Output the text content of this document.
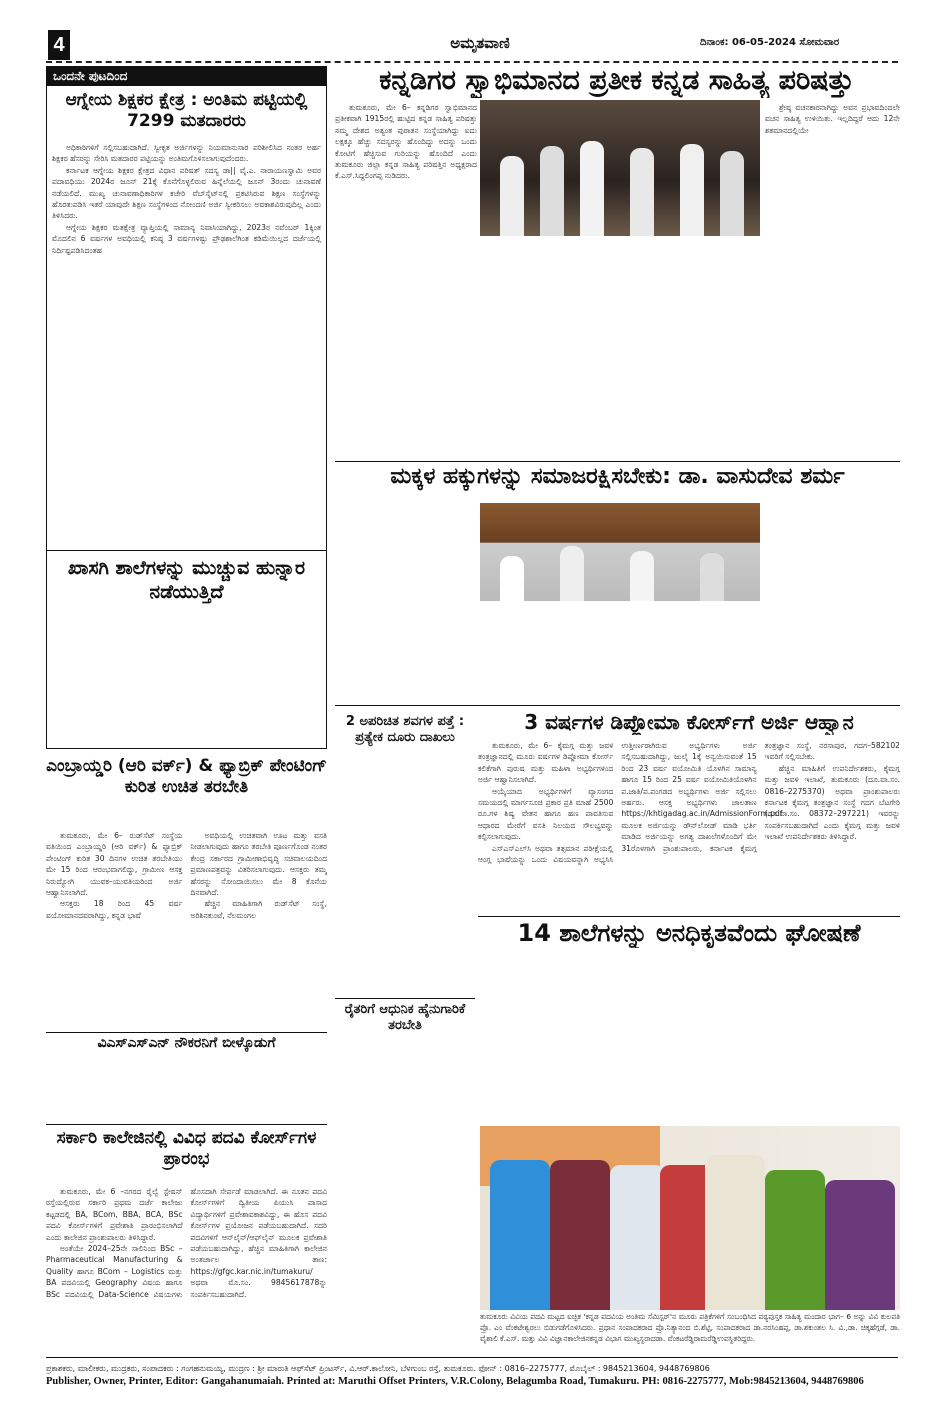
4	ಅಮೃತವಾಣಿ	ದಿನಾಂಕ: 06-05-2024 ಸೋಮವಾರ
ಒಂದನೇ ಪುಟದಿಂದ
ಆಗ್ನೇಯ ಶಿಕ್ಷಕರ ಕ್ಷೇತ್ರ : ಅಂತಿಮ ಪಟ್ಟಿಯಲ್ಲಿ 7299 ಮತದಾರರು

ಅಧಿಕಾರಿಗಳಿಗೆ ಸಲ್ಲಿಸಬಹುದಾಗಿದೆ. ಸ್ವೀಕೃತ ಅರ್ಜಿಗಳನ್ನು ನಿಯಮಾನುಸಾರ ಪರಿಶೀಲಿಸಿದ ನಂತರ ಅರ್ಹ ಶಿಕ್ಷಕರ ಹೆಸರನ್ನು ಸೇರಿಸಿ ಮತದಾರರ ಪಟ್ಟಿಯನ್ನು ಅಂತಿಮಗೊಳಿಸಲಾಗುವುದೆಂದರು.

ಕರ್ನಾಟಕ ಆಗ್ನೇಯ ಶಿಕ್ಷಕರ ಕ್ಷೇತ್ರದ ವಿಧಾನ ಪರಿಷತ್ ಸದಸ್ಯ ಡಾ|| ವೈ.ಎ. ನಾರಾಯಣಸ್ವಾಮಿ ಅವರ ಪದಾವಧಿಯು 2024ರ ಜೂನ್ 21ಕ್ಕೆ ಕೊನೆಗೊಳ್ಳಲಿರುವ ಹಿನ್ನೆಲೆಯಲ್ಲಿ ಜೂನ್ 3ರಂದು ಚುನಾವಣೆ ನಡೆಯಲಿದೆ. ಮುಖ್ಯ ಚುನಾವಣಾಧಿಕಾರಿಗಳ ಕಚೇರಿ ವೆಬ್‌ಸೈಟ್‌ನಲ್ಲಿ ಪ್ರಕಟಿಸಿರುವ ಶಿಕ್ಷಣ ಸಂಸ್ಥೆಗಳನ್ನು ಹೊರತುಪಡಿಸಿ ಇತರೆ ಯಾವುದೇ ಶಿಕ್ಷಣ ಸಂಸ್ಥೆಗಳಿಂದ ನೋಂದಣಿ ಅರ್ಜಿ ಸ್ವೀಕರಿಸಲು ಅವಕಾಶವಿರುವುದಿಲ್ಲ ಎಂದು ತಿಳಿಸಿದರು.

ಆಗ್ನೇಯ ಶಿಕ್ಷಕರ ಮತಕ್ಷೇತ್ರ ವ್ಯಾಪ್ತಿಯಲ್ಲಿ ಸಾಮಾನ್ಯ ನಿವಾಸಿಯಾಗಿದ್ದು, 2023ರ ನವೆಂಬರ್ 1ಕ್ಕಿಂತ ಮೊದಲಿನ 6 ವರ್ಷಗಳ ಅವಧಿಯಲ್ಲಿ ಕನಿಷ್ಠ 3 ವರ್ಷಗಳಷ್ಟು ಪ್ರೌಢಶಾಲೆಗಿಂತ ಕಡಿಮೆಯಿಲ್ಲದ ದರ್ಜೆಯಲ್ಲಿ ನಿರ್ದಿಷ್ಟಪಡಿಸಿದಂತಹ

ಖಾಸಗಿ ಶಾಲೆಗಳನ್ನು ಮುಚ್ಚುವ ಹುನ್ನಾರ ನಡೆಯುತ್ತಿದೆ
ಎಂಬ್ರಾಯ್ಡರಿ (ಆರಿ ವರ್ಕ್) & ಫ್ಯಾಬ್ರಿಕ್ ಪೇಂಟಿಂಗ್ ಕುರಿತ ಉಚಿತ ತರಬೇತಿ

ತುಮಕೂರು, ಮೇ 6– ರುಡ್‌ಸೆಟ್ ಸಂಸ್ಥೆಯ ವತಿಯಿಂದ ಎಂಬ್ರಾಯ್ಡರಿ (ಆರಿ ವರ್ಕ್) & ಫ್ಯಾಬ್ರಿಕ್ ಪೇಂಟಿಂಗ್ ಕುರಿತ 30 ದಿನಗಳ ಉಚಿತ ತರಬೇತಿಯು ಮೇ 15 ರಿಂದ ಆರಂಭವಾಗಲಿದ್ದು, ಗ್ರಾಮೀಣ ಆಸಕ್ತ ನಿರುದ್ಯೋಗಿ ಯುವಕ–ಯುವತಿಯರಿಂದ ಅರ್ಜಿ ಆಹ್ವಾನಿಸಲಾಗಿದೆ.

ಆಸಕ್ತರು 18 ರಿಂದ 45 ವರ್ಷ ವಯೋಮಾನದವರಾಗಿದ್ದು, ಕನ್ನಡ ಭಾಷೆ

ಅವಧಿಯಲ್ಲಿ ಉಚಿತವಾಗಿ ಊಟ ಮತ್ತು ವಸತಿ ನೀಡಲಾಗುವುದು ಹಾಗೂ ತರಬೇತಿ ಪೂರ್ಣಗೊಂಡ ನಂತರ ಕೇಂದ್ರ ಸರ್ಕಾರದ ಗ್ರಾಮೀಣಾಭಿವೃದ್ಧಿ ಸಚಿವಾಲಯದಿಂದ ಪ್ರಮಾಣಪತ್ರವನ್ನು ವಿತರಿಸಲಾಗುವುದು. ಆಸಕ್ತರು ತಮ್ಮ ಹೆಸರನ್ನು ನೋಂದಾಯಿಸಲು ಮೇ 8 ಕೊನೆಯ ದಿನವಾಗಿದೆ.

ಹೆಚ್ಚಿನ ಮಾಹಿತಿಗಾಗಿ ರುಡ್‌ಸೆಟ್ ಸಂಸ್ಥೆ, ಅರಿಶಿನಕುಂಟೆ, ನೆಲಮಂಗಲ

ವಿಎಸ್‌ಎಸ್‌ಎನ್ ನೌಕರನಿಗೆ ಬೀಳ್ಕೊಡುಗೆ
ಸರ್ಕಾರಿ ಕಾಲೇಜಿನಲ್ಲಿ ವಿವಿಧ ಪದವಿ ಕೋರ್ಸ್‌ಗಳ ಪ್ರಾರಂಭ

ತುಮಕೂರು, ಮೇ 6 –ನಗರದ ರೈಲ್ವೆ ಸ್ಟೇಷನ್ ರಸ್ತೆಯಲ್ಲಿರುವ ಸರ್ಕಾರಿ ಪ್ರಥಮ ದರ್ಜೆ ಕಾಲೇಜು ಕಟ್ಟಡದಲ್ಲಿ BA, BCom, BBA, BCA, BSc ಪದವಿ ಕೋರ್ಸ್‌ಗಳಿಗೆ ಪ್ರವೇಶಾತಿ ಪ್ರಾರಂಭಿಸಲಾಗಿದೆ ಎಂದು ಕಾಲೇಜಿನ ಪ್ರಾಂಶುಪಾಲರು ತಿಳಿಸಿದ್ದಾರೆ.

ಅಂತೆಯೇ 2024–25ನೇ ಸಾಲಿನಿಂದ BSc – Pharmaceutical Manufacturing & Quality ಹಾಗೂ BCom – Logistics ಮತ್ತು BA ಪದವಿಯಲ್ಲಿ Geography ವಿಷಯ ಹಾಗೂ BSc ಪದವಿಯಲ್ಲಿ Data-Science ವಿಷಯಗಳು ಹೊಸದಾಗಿ ಸೇರ್ಪಡೆ ಮಾಡಲಾಗಿದೆ. ಈ ನೂತನ ಪದವಿ ಕೋರ್ಸ್‌ಗಳಿಗೆ ದ್ವಿತೀಯ ಪಿಯುಸಿ ಪಾಸಾದ ವಿದ್ಯಾರ್ಥಿಗಳಿಗೆ ಪ್ರವೇಶಾವಕಾಶವಿದ್ದು, ಈ ಹೊಸ ಪದವಿ ಕೋರ್ಸ್‌ಗಳ ಪ್ರಯೋಜನ ಪಡೆಯಬಹುದಾಗಿದೆ. ಸದರಿ ಪದವಿಗಳಿಗೆ ಆನ್‌ಲೈನ್/ಆಫ್‌ಲೈನ್ ಮೂಲಕ ಪ್ರವೇಶಾತಿ ಪಡೆಯಬಹುದಾಗಿದ್ದು, ಹೆಚ್ಚಿನ ಮಾಹಿತಿಗಾಗಿ ಕಾಲೇಜಿನ ಅಂತರ್ಜಾಲ ತಾಣ: https://gfgc.kar.nic.in/tumakuru/ ಅಥವಾ ಮೊ.ಸಂ. 9845617878ನ್ನು ಸಂಪರ್ಕಿಸಬಹುದಾಗಿದೆ.

ಕನ್ನಡಿಗರ ಸ್ವಾಭಿಮಾನದ ಪ್ರತೀಕ ಕನ್ನಡ ಸಾಹಿತ್ಯ ಪರಿಷತ್ತು

ತುಮಕೂರು, ಮೇ 6– ಕನ್ನಡಿಗರ ಸ್ವಾಭಿಮಾನದ ಪ್ರತೀಕವಾಗಿ 1915ರಲ್ಲಿ ಹುಟ್ಟಿದ ಕನ್ನಡ ಸಾಹಿತ್ಯ ಪರಿಷತ್ತು ನಮ್ಮ ದೇಶದ ಅತ್ಯಂತ ಪುರಾತನ ಸಂಸ್ಥೆಯಾಗಿದ್ದು ಐದು ಲಕ್ಷಕ್ಕೂ ಹೆಚ್ಚು ಸದಸ್ಯರನ್ನು ಹೊಂದಿದ್ದು ಅದನ್ನು ಒಂದು ಕೋಟಿಗೆ ಹೆಚ್ಚಿಸುವ ಗುರಿಯನ್ನು ಹೊಂದಿದೆ ಎಂದು ತುಮಕೂರು ಜಿಲ್ಲಾ ಕನ್ನಡ ಸಾಹಿತ್ಯ ಪರಿಷತ್ತಿನ ಅಧ್ಯಕ್ಷರಾದ ಕೆ.ಎಸ್.ಸಿದ್ದಲಿಂಗಪ್ಪ ನುಡಿದರು.

ಶ್ರೇಷ್ಠ ವಚನಕಾರನಾಗಿದ್ದು ಅವನ ಪ್ರಭಾವದಿಂದಲೇ ವಚನ ಸಾಹಿತ್ಯ ಉಳಿಯಿತು. ಇಲ್ಲದಿದ್ದರೆ ಆದು 12ನೇ ಶತಮಾನದಲ್ಲಿಯೇ

ಮಕ್ಕಳ ಹಕ್ಕುಗಳನ್ನು ಸಮಾಜರಕ್ಷಿಸಬೇಕು: ಡಾ. ವಾಸುದೇವ ಶರ್ಮ
2 ಅಪರಿಚಿತ ಶವಗಳ ಪತ್ತೆ : ಪ್ರತ್ಯೇಕ ದೂರು ದಾಖಲು
ರೈತರಿಗೆ ಆಧುನಿಕ ಹೈನುಗಾರಿಕೆ ತರಬೇತಿ
3 ವರ್ಷಗಳ ಡಿಪ್ಲೋಮಾ ಕೋರ್ಸ್‌ಗೆ ಅರ್ಜಿ ಆಹ್ವಾನ

ತುಮಕೂರು, ಮೇ 6– ಕೈಮಗ್ಗ ಮತ್ತು ಜವಳಿ ತಂತ್ರಜ್ಞಾನದಲ್ಲಿ ಮೂರು ವರ್ಷಗಳ ಡಿಪ್ಲೋಮಾ ಕೋರ್ಸ್ ಕಲಿಕೆಗಾಗಿ ಪುರುಷ ಮತ್ತು ಮಹಿಳಾ ಅಭ್ಯರ್ಥಿಗಳಿಂದ ಅರ್ಜಿ ಆಹ್ವಾನಿಸಲಾಗಿದೆ.

ಆಯ್ಕೆಯಾದ ಅಭ್ಯರ್ಥಿಗಳಿಗೆ ವ್ಯಾಸಂಗದ ಸಮಯದಲ್ಲಿ ಮಾರ್ಗಸೂಚಿ ಪ್ರಕಾರ ಪ್ರತಿ ಮಾಹೆ 2500 ರೂ.ಗಳ ಶಿಷ್ಯ ವೇತನ ಹಾಗೂ ಹಣ ಪಾವತಿಸುವ ಆಧಾರದ ಮೇರೆಗೆ ವಸತಿ ನಿಲಯದ ಸೌಲಭ್ಯವನ್ನು ಕಲ್ಪಿಸಲಾಗುವುದು.

ಎಸ್‌ಎಸ್‌ಎಲ್‌ಸಿ ಅಥವಾ ತತ್ಸಮಾನ ಪರೀಕ್ಷೆಯಲ್ಲಿ ಆಂಗ್ಲ ಭಾಷೆಯನ್ನು ಒಂದು ವಿಷಯವನ್ನಾಗಿ ಅಭ್ಯಸಿಸಿ ಉತ್ತೀರ್ಣರಾಗಿರುವ ಅಭ್ಯರ್ಥಿಗಳು ಅರ್ಜಿ ಸಲ್ಲಿಸಬಹುದಾಗಿದ್ದು, ಜುಲೈ 1ಕ್ಕೆ ಅನ್ವಯಿಸುವಂತೆ 15 ರಿಂದ 23 ವರ್ಷ ವಯೋಮಿತಿ ಯೊಳಗಿನ ಸಾಮಾನ್ಯ ಹಾಗೂ 15 ರಿಂದ 25 ವರ್ಷ ವಯೋಮಿತಿಯೊಳಗಿನ ಪ.ಜಾತಿ/ಪ.ಪಂಗಡದ ಅಭ್ಯರ್ಥಿಗಳು ಅರ್ಜಿ ಸಲ್ಲಿಸಲು ಅರ್ಹರು. ಆಸಕ್ತ ಅಭ್ಯರ್ಥಿಗಳು ಜಾಲತಾಣ https://khtigadag.ac.in/AdmissionForm.pdf ಮೂಲಕ ಅರ್ಜಿಯನ್ನು ಡೌನ್‌ಲೋಡ್ ಮಾಡಿ ಭರ್ತಿ ಮಾಡಿದ ಅರ್ಜಿಯನ್ನು ಅಗತ್ಯ ದಾಖಲೆಗಳೊಂದಿಗೆ ಮೇ 31ರೊಳಗಾಗಿ ಪ್ರಾಂಶುಪಾಲರು, ಕರ್ನಾಟಕ ಕೈಮಗ್ಗ ತಂತ್ರಜ್ಞಾನ ಸಂಸ್ಥೆ, ನರಸಾಪುರ, ಗದಗ–582102 ಇವರಿಗೆ ಸಲ್ಲಿಸಬೇಕು.

ಹೆಚ್ಚಿನ ಮಾಹಿತಿಗೆ ಉಪನಿರ್ದೇಶಕರು, ಕೈಮಗ್ಗ ಮತ್ತು ಜವಳಿ ಇಲಾಖೆ, ತುಮಕೂರು (ದೂ.ವಾ.ಸಂ. 0816–2275370) ಅಥವಾ ಪ್ರಾಂಶುಪಾಲರು ಕರ್ನಾಟಕ ಕೈಮಗ್ಗ ತಂತ್ರಜ್ಞಾನ ಸಂಸ್ಥೆ ಗದಗ ಬೆಟಗೇರಿ (ದೂ.ವಾ.ಸಂ. 08372–297221) ಇವರನ್ನು ಸಂಪರ್ಕಿಸಬಹುದಾಗಿದೆ ಎಂದು ಕೈಮಗ್ಗ ಮತ್ತು ಜವಳಿ ಇಲಾಖೆ ಉಪನಿರ್ದೇಶಕರು ತಿಳಿಸಿದ್ದಾರೆ.

14 ಶಾಲೆಗಳನ್ನು ಅನಧಿಕೃತವೆಂದು ಘೋಷಣೆ
ತುಮಕೂರು ವಿವಿಯ ಪದವಿ ಮಟ್ಟದ ಐಚ್ಛಿಕ 'ಕನ್ನಡ ಪದವಿಯ ಅಂತಿಮ ಸೆಮಿಸ್ಟರ್'ನ ಮೂರು ಪತ್ರಿಕೆಗಳಿಗೆ ಸಂಬಂಧಿಸಿದ ಪಠ್ಯಪುಸ್ತಕ ಸಾಹಿತ್ಯ ಮಂದಾರ ಭಾಗ– 6 ಅನ್ನು ವಿವಿ ಕುಲಪತಿ ಪ್ರೊ. ಎಂ ವೆಂಕಟೇಶ್ವರಲು ಬಿಡುಗಡೆಗೊಳಿಸಿದರು. ಪ್ರಧಾನ ಸಂಪಾದಕರಾದ ಪ್ರೊ.ನಿತ್ಯಾನಂದ ಬಿ.ಶೆಟ್ಟಿ, ಸಂಪಾದಕರಾದ ಡಾ.ನರಸಿಂಹಪ್ಪ, ಡಾ.ಶಕುಂತಲ ಸಿ. ವಿ.,ಡಾ. ಚಿಕ್ಕಹೆಗ್ಗಡೆ, ಡಾ. ವೈಶಾಲಿ ಕೆ.ಎಸ್. ಮತ್ತು ವಿವಿ ವಿಜ್ಞಾನಕಾಲೇಜಿನಕನ್ನಡ ವಿಭಾಗ ಮುಖ್ಯಸ್ಥರಾದಡಾ. ವೆಂಕಟರೆಡ್ಡಿರಾಮರೆಡ್ಡಿಉಪಸ್ಥಿತರಿದ್ದರು.
ಪ್ರಕಾಶಕರು, ಮಾಲೀಕರು, ಮುದ್ರಕರು, ಸಂಪಾದಕರು : ಗಂಗಹನುಮಯ್ಯ, ಮುದ್ರಣ : ಶ್ರೀ ಮಾರುತಿ ಆಫ್‌ಸೆಟ್ ಪ್ರಿಂಟರ್ಸ್, ವಿ.ಆರ್.ಕಾಲೋನಿ, ಬೆಳಗುಂಬ ರಸ್ತೆ, ತುಮಕೂರು. ಫೋನ್ : 0816–2275777, ಮೊಬೈಲ್ : 9845213604, 9448769806
Publisher, Owner, Printer, Editor: Gangahanumaiah. Printed at: Maruthi Offset Printers, V.R.Colony, Belagumba Road, Tumakuru. PH: 0816-2275777, Mob:9845213604, 9448769806
